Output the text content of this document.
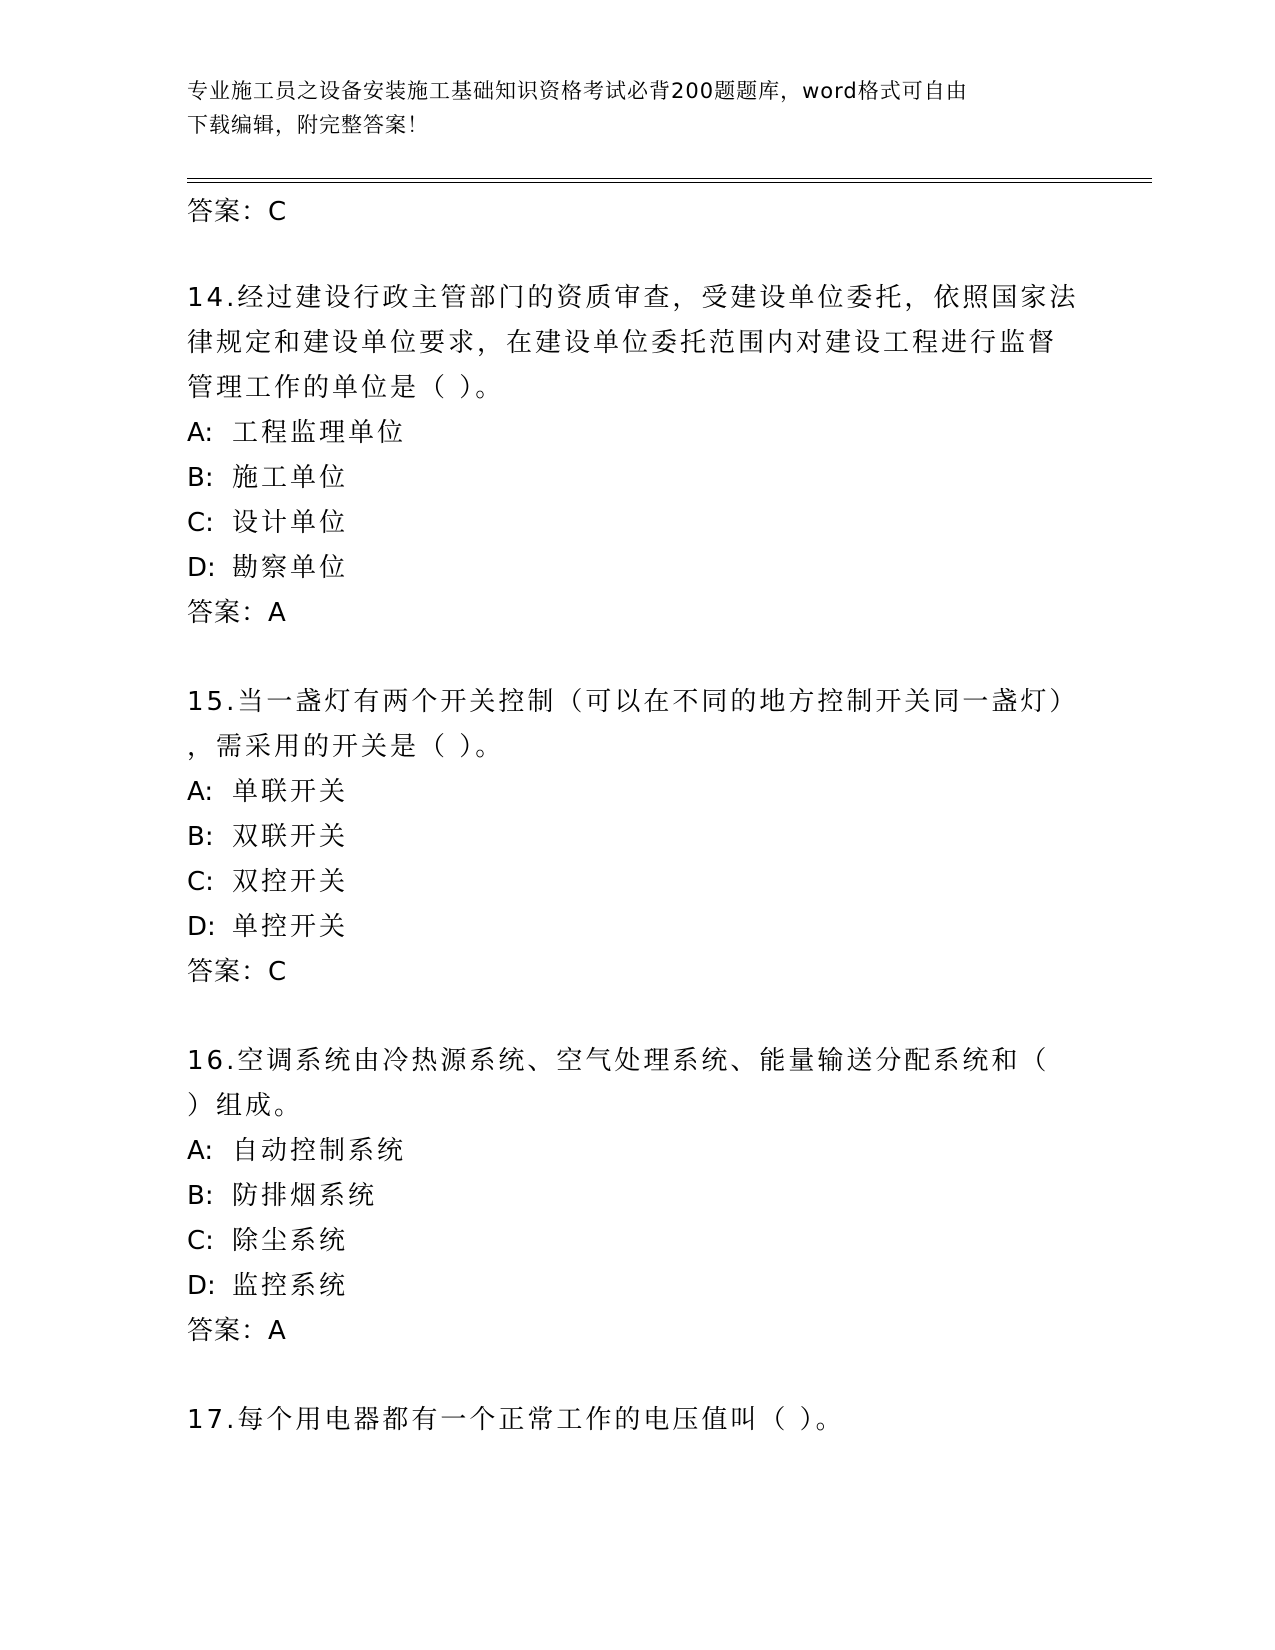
专业施工员之设备安装施工基础知识资格考试必背200题题库，word格式可自由
下载编辑，附完整答案！
答案：C
14.经过建设行政主管部门的资质审查，受建设单位委托，依照国家法
律规定和建设单位要求，在建设单位委托范围内对建设工程进行监督
管理工作的单位是（ ）。
A: 工程监理单位
B: 施工单位
C: 设计单位
D: 勘察单位
答案：A
15.当一盏灯有两个开关控制（可以在不同的地方控制开关同一盏灯）
，需采用的开关是（ ）。
A: 单联开关
B: 双联开关
C: 双控开关
D: 单控开关
答案：C
16.空调系统由冷热源系统、空气处理系统、能量输送分配系统和（
）组成。
A: 自动控制系统
B: 防排烟系统
C: 除尘系统
D: 监控系统
答案：A
17.每个用电器都有一个正常工作的电压值叫（ ）。
